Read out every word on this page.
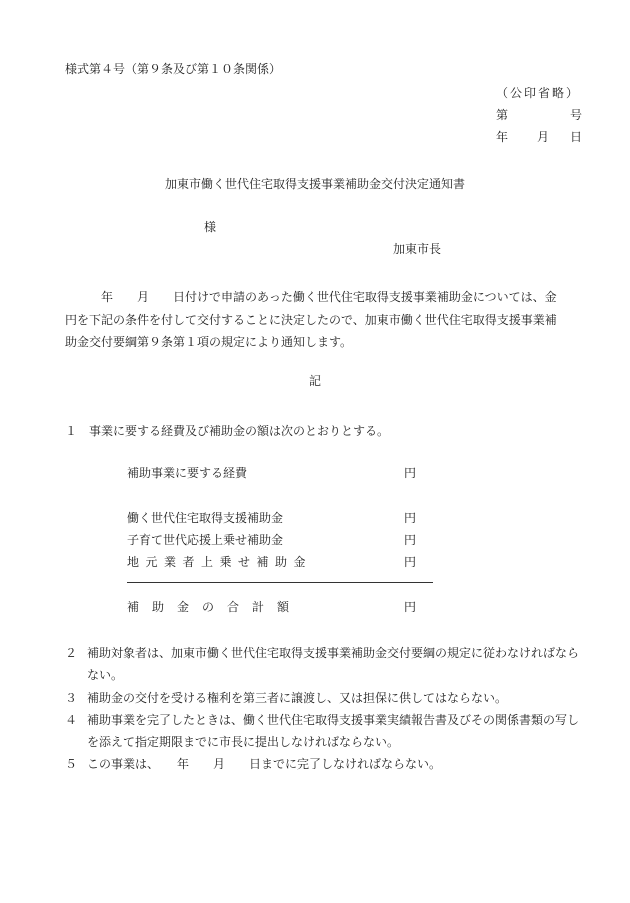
様式第４号（第９条及び第１０条関係）
（公印省略）
第	号
年 月 日
加東市働く世代住宅取得支援事業補助金交付決定通知書
様
加東市長

　　　年　　月　　日付けで申請のあった働く世代住宅取得支援事業補助金については、金

円を下記の条件を付して交付することに決定したので、加東市働く世代住宅取得支援事業補

助金交付要綱第９条第１項の規定により通知します。

記
１　事業に要する経費及び補助金の額は次のとおりとする。
補助事業に要する経費	円
働く世代住宅取得支援補助金	円
子育て世代応援上乗せ補助金	円
地元業者上乗せ補助金	円
補助金の合計額	円

２ 補助対象者は、加東市働く世代住宅取得支援事業補助金交付要綱の規定に従わなければならない。

３ 補助金の交付を受ける権利を第三者に譲渡し、又は担保に供してはならない。

４ 補助事業を完了したときは、働く世代住宅取得支援事業実績報告書及びその関係書類の写しを添えて指定期限までに市長に提出しなければならない。

５ この事業は、　　年　　月　　日までに完了しなければならない。
